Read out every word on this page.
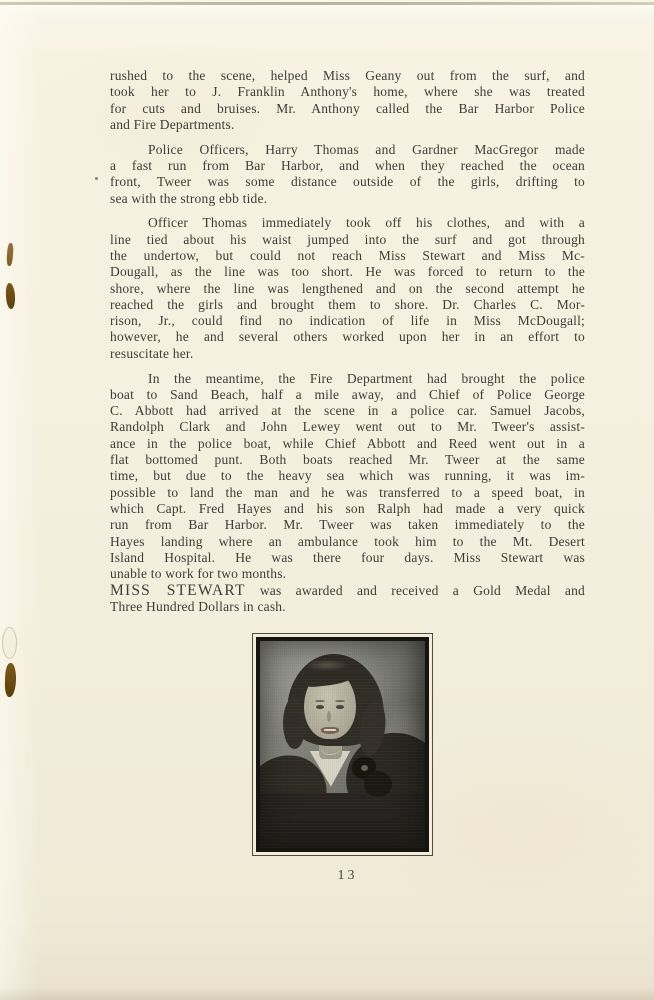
rushed to the scene, helped Miss Geany out from the surf, and
took her to J. Franklin Anthony's home, where she was treated
for cuts and bruises. Mr. Anthony called the Bar Harbor Police
and Fire Departments.
Police Officers, Harry Thomas and Gardner MacGregor made
a fast run from Bar Harbor, and when they reached the ocean
front, Tweer was some distance outside of the girls, drifting to
sea with the strong ebb tide.
Officer Thomas immediately took off his clothes, and with a
line tied about his waist jumped into the surf and got through
the undertow, but could not reach Miss Stewart and Miss Mc-
Dougall, as the line was too short. He was forced to return to the
shore, where the line was lengthened and on the second attempt he
reached the girls and brought them to shore. Dr. Charles C. Mor-
rison, Jr., could find no indication of life in Miss McDougall;
however, he and several others worked upon her in an effort to
resuscitate her.
In the meantime, the Fire Department had brought the police
boat to Sand Beach, half a mile away, and Chief of Police George
C. Abbott had arrived at the scene in a police car. Samuel Jacobs,
Randolph Clark and John Lewey went out to Mr. Tweer's assist-
ance in the police boat, while Chief Abbott and Reed went out in a
flat bottomed punt. Both boats reached Mr. Tweer at the same
time, but due to the heavy sea which was running, it was im-
possible to land the man and he was transferred to a speed boat, in
which Capt. Fred Hayes and his son Ralph had made a very quick
run from Bar Harbor. Mr. Tweer was taken immediately to the
Hayes landing where an ambulance took him to the Mt. Desert
Island Hospital. He was there four days. Miss Stewart was
unable to work for two months.
MISS STEWART was awarded and received a Gold Medal and
Three Hundred Dollars in cash.
13
